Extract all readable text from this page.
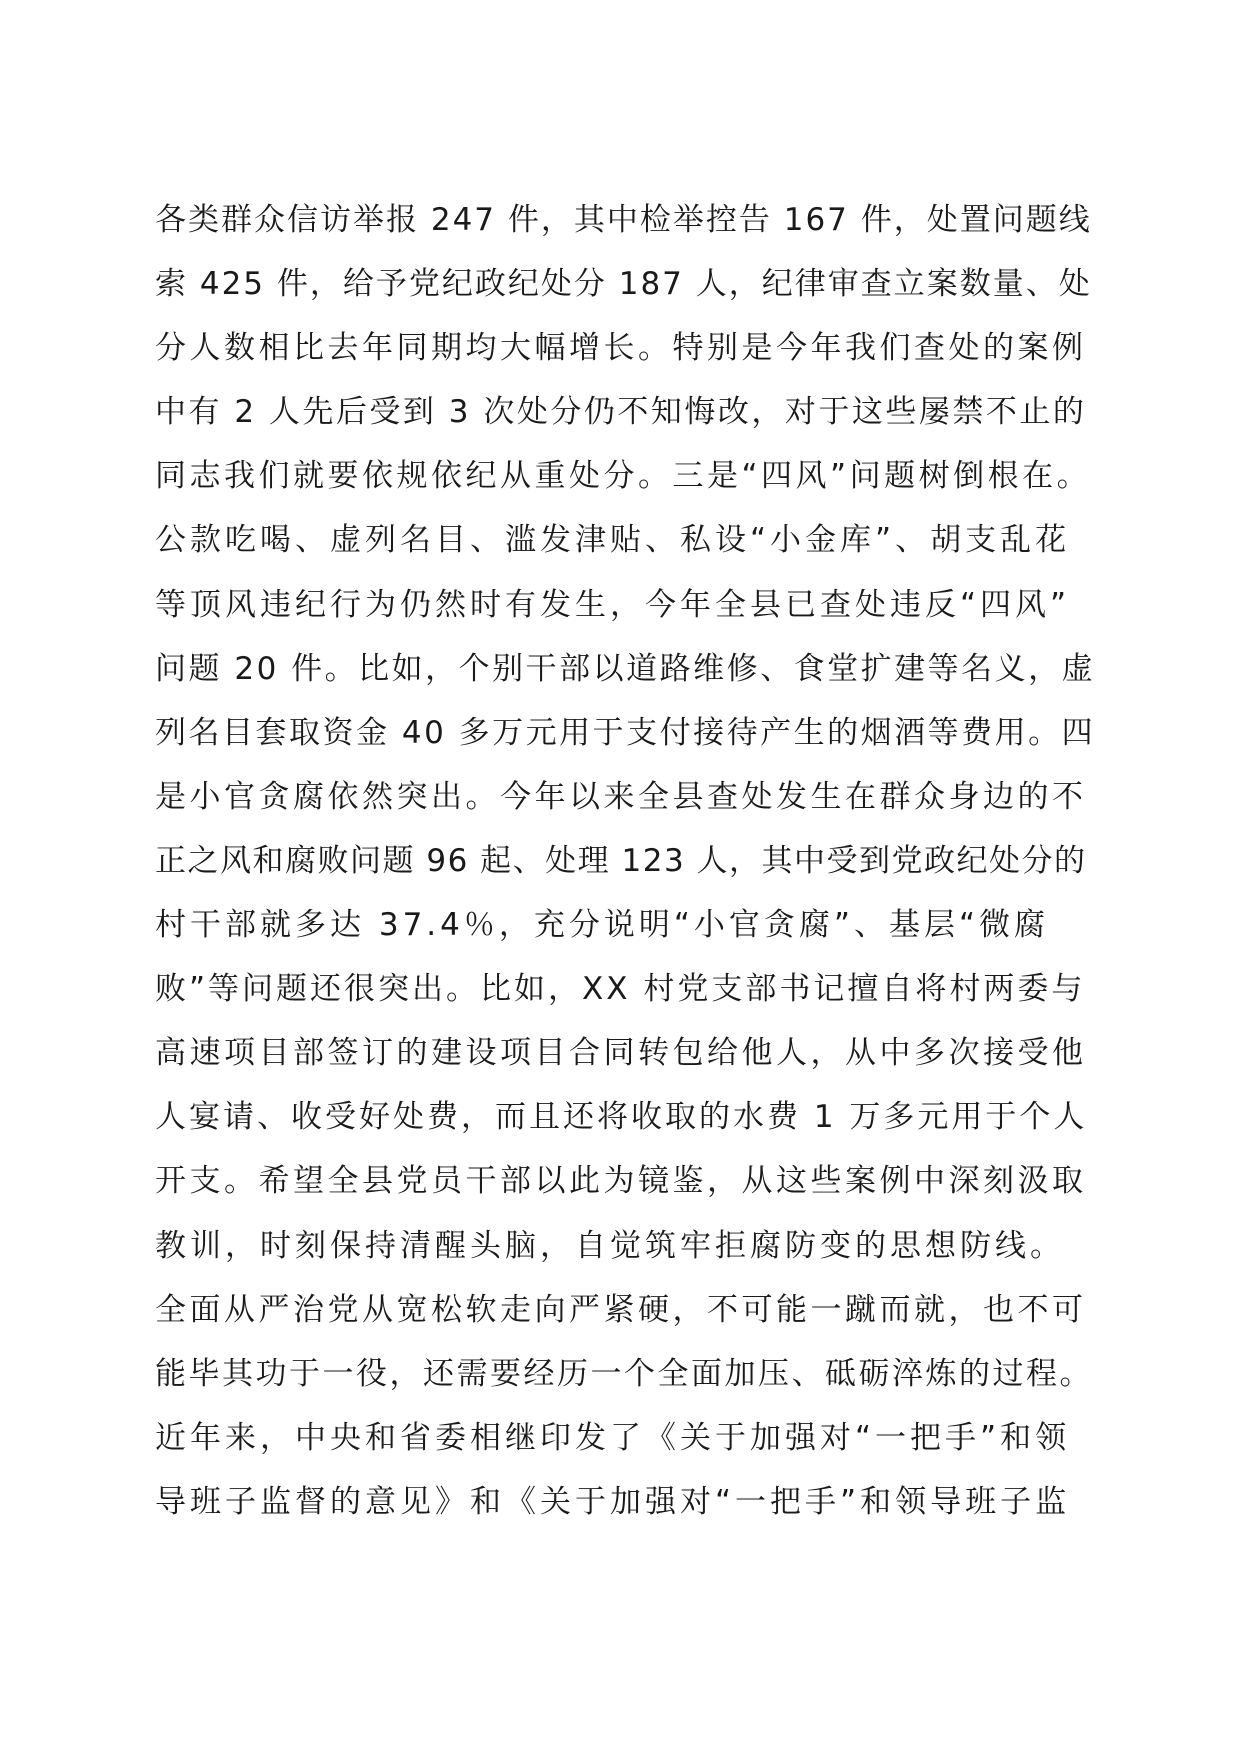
各类群众信访举报 247 件，其中检举控告 167 件，处置问题线
索 425 件，给予党纪政纪处分 187 人，纪律审查立案数量、处
分人数相比去年同期均大幅增长。特别是今年我们查处的案例
中有 2 人先后受到 3 次处分仍不知悔改，对于这些屡禁不止的
同志我们就要依规依纪从重处分。三是“四风”问题树倒根在。
公款吃喝、虚列名目、滥发津贴、私设“小金库”、胡支乱花
等顶风违纪行为仍然时有发生，今年全县已查处违反“四风”
问题 20 件。比如，个别干部以道路维修、食堂扩建等名义，虚
列名目套取资金 40 多万元用于支付接待产生的烟酒等费用。四
是小官贪腐依然突出。今年以来全县查处发生在群众身边的不
正之风和腐败问题 96 起、处理 123 人，其中受到党政纪处分的
村干部就多达 37.4％，充分说明“小官贪腐”、基层“微腐
败”等问题还很突出。比如，XX 村党支部书记擅自将村两委与
高速项目部签订的建设项目合同转包给他人，从中多次接受他
人宴请、收受好处费，而且还将收取的水费 1 万多元用于个人
开支。希望全县党员干部以此为镜鉴，从这些案例中深刻汲取
教训，时刻保持清醒头脑，自觉筑牢拒腐防变的思想防线。
全面从严治党从宽松软走向严紧硬，不可能一蹴而就，也不可
能毕其功于一役，还需要经历一个全面加压、砥砺淬炼的过程。
近年来，中央和省委相继印发了《关于加强对“一把手”和领
导班子监督的意见》和《关于加强对“一把手”和领导班子监
